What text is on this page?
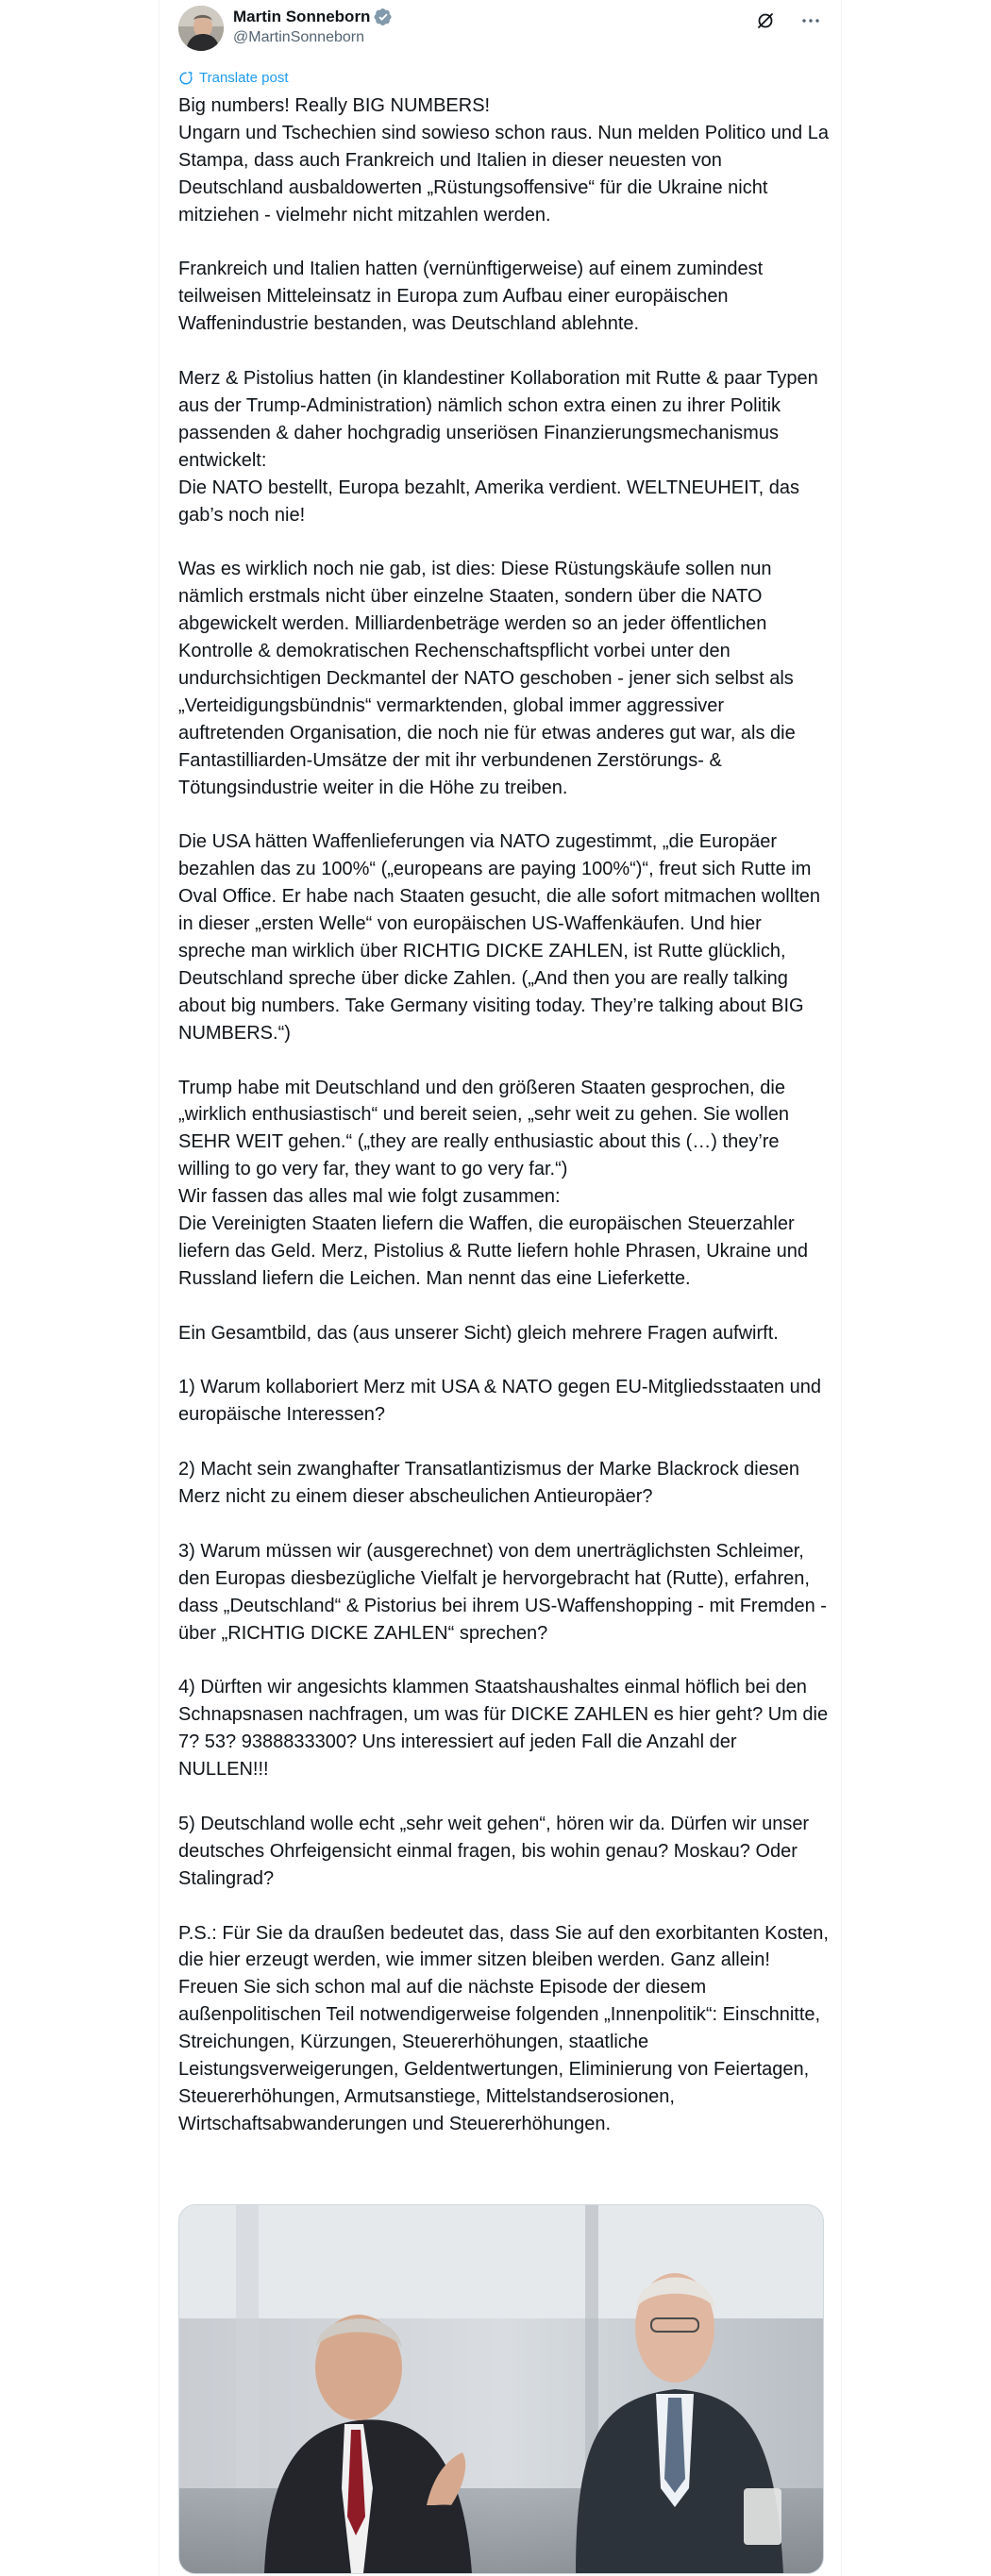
Martin Sonneborn
@MartinSonneborn
Translate post

Big numbers! Really BIG NUMBERS!
Ungarn und Tschechien sind sowieso schon raus. Nun melden Politico und La Stampa, dass auch Frankreich und Italien in dieser neuesten von Deutschland ausbaldowerten „Rüstungsoffensive“ für die Ukraine nicht mitziehen - vielmehr nicht mitzahlen werden.

Frankreich und Italien hatten (vernünftigerweise) auf einem zumindest teilweisen Mitteleinsatz in Europa zum Aufbau einer europäischen Waffenindustrie bestanden, was Deutschland ablehnte.

Merz & Pistolius hatten (in klandestiner Kollaboration mit Rutte & paar Typen aus der Trump-Administration) nämlich schon extra einen zu ihrer Politik passenden & daher hochgradig unseriösen Finanzierungsmechanismus entwickelt:
Die NATO bestellt, Europa bezahlt, Amerika verdient. WELTNEUHEIT, das gab’s noch nie!

Was es wirklich noch nie gab, ist dies: Diese Rüstungskäufe sollen nun nämlich erstmals nicht über einzelne Staaten, sondern über die NATO abgewickelt werden. Milliardenbeträge werden so an jeder öffentlichen Kontrolle & demokratischen Rechenschaftspflicht vorbei unter den undurchsichtigen Deckmantel der NATO geschoben - jener sich selbst als „Verteidigungsbündnis“ vermarktenden, global immer aggressiver auftretenden Organisation, die noch nie für etwas anderes gut war, als die Fantastilliarden-Umsätze der mit ihr verbundenen Zerstörungs- & Tötungsindustrie weiter in die Höhe zu treiben.

Die USA hätten Waffenlieferungen via NATO zugestimmt, „die Europäer bezahlen das zu 100%“ („europeans are paying 100%“)“, freut sich Rutte im Oval Office. Er habe nach Staaten gesucht, die alle sofort mitmachen wollten in dieser „ersten Welle“ von europäischen US-Waffenkäufen. Und hier spreche man wirklich über RICHTIG DICKE ZAHLEN, ist Rutte glücklich, Deutschland spreche über dicke Zahlen. („And then you are really talking about big numbers. Take Germany visiting today. They’re talking about BIG NUMBERS.“)

Trump habe mit Deutschland und den größeren Staaten gesprochen, die „wirklich enthusiastisch“ und bereit seien, „sehr weit zu gehen. Sie wollen SEHR WEIT gehen.“ („they are really enthusiastic about this (…) they’re willing to go very far, they want to go very far.“)
Wir fassen das alles mal wie folgt zusammen:
Die Vereinigten Staaten liefern die Waffen, die europäischen Steuerzahler liefern das Geld. Merz, Pistolius & Rutte liefern hohle Phrasen, Ukraine und Russland liefern die Leichen. Man nennt das eine Lieferkette.

Ein Gesamtbild, das (aus unserer Sicht) gleich mehrere Fragen aufwirft.

1) Warum kollaboriert Merz mit USA & NATO gegen EU-Mitgliedsstaaten und europäische Interessen?

2) Macht sein zwanghafter Transatlantizismus der Marke Blackrock diesen Merz nicht zu einem dieser abscheulichen Antieuropäer?

3) Warum müssen wir (ausgerechnet) von dem unerträglichsten Schleimer, den Europas diesbezügliche Vielfalt je hervorgebracht hat (Rutte), erfahren, dass „Deutschland“ & Pistorius bei ihrem US-Waffenshopping - mit Fremden - über „RICHTIG DICKE ZAHLEN“ sprechen?

4) Dürften wir angesichts klammen Staatshaushaltes einmal höflich bei den Schnapsnasen nachfragen, um was für DICKE ZAHLEN es hier geht? Um die 7? 53? 9388833300? Uns interessiert auf jeden Fall die Anzahl der NULLEN!!!

5) Deutschland wolle echt „sehr weit gehen“, hören wir da. Dürfen wir unser deutsches Ohrfeigensicht einmal fragen, bis wohin genau? Moskau? Oder Stalingrad?

P.S.: Für Sie da draußen bedeutet das, dass Sie auf den exorbitanten Kosten, die hier erzeugt werden, wie immer sitzen bleiben werden. Ganz allein! Freuen Sie sich schon mal auf die nächste Episode der diesem außenpolitischen Teil notwendigerweise folgenden „Innenpolitik“: Einschnitte, Streichungen, Kürzungen, Steuererhöhungen, staatliche Leistungsverweigerungen, Geldentwertungen, Eliminierung von Feiertagen, Steuererhöhungen, Armutsanstiege, Mittelstandserosionen, Wirtschaftsabwanderungen und Steuererhöhungen.
